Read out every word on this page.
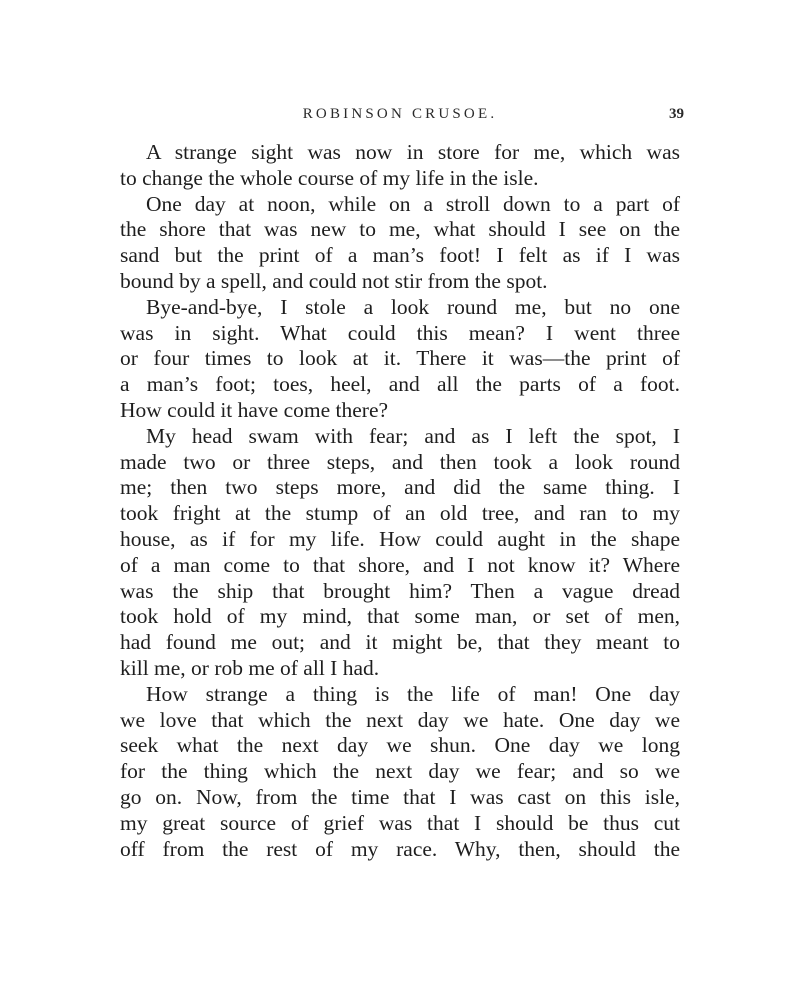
ROBINSON CRUSOE.	39

A strange sight was now in store for me, which was
to change the whole course of my life in the isle.

One day at noon, while on a stroll down to a part of
the shore that was new to me, what should I see on the
sand but the print of a man’s foot! I felt as if I was
bound by a spell, and could not stir from the spot.

Bye-and-bye, I stole a look round me, but no one
was in sight. What could this mean? I went three
or four times to look at it. There it was—the print of
a man’s foot; toes, heel, and all the parts of a foot.
How could it have come there?

My head swam with fear; and as I left the spot, I
made two or three steps, and then took a look round
me; then two steps more, and did the same thing. I
took fright at the stump of an old tree, and ran to my
house, as if for my life. How could aught in the shape
of a man come to that shore, and I not know it? Where
was the ship that brought him? Then a vague dread
took hold of my mind, that some man, or set of men,
had found me out; and it might be, that they meant to
kill me, or rob me of all I had.

How strange a thing is the life of man! One day
we love that which the next day we hate. One day we
seek what the next day we shun. One day we long
for the thing which the next day we fear; and so we
go on. Now, from the time that I was cast on this isle,
my great source of grief was that I should be thus cut
off from the rest of my race. Why, then, should the
